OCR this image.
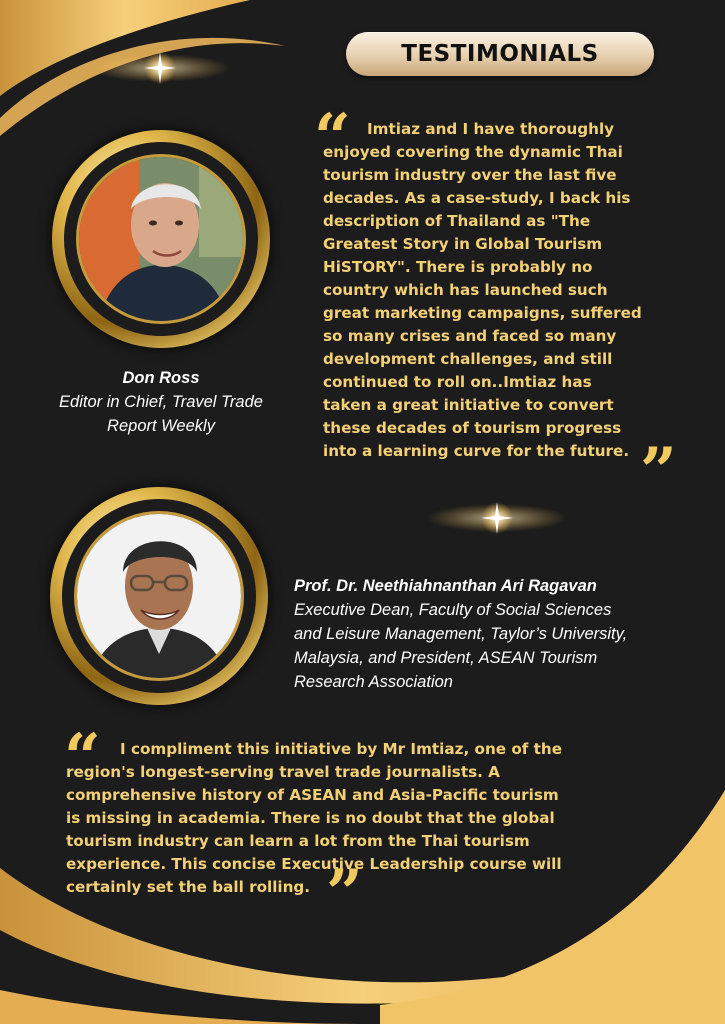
TESTIMONIALS
Don Ross
Editor in Chief, Travel Trade
Report Weekly
“	Imtiaz and I have thoroughly
enjoyed covering the dynamic Thai
tourism industry over the last five
decades. As a case-study, I back his
description of Thailand as "The
Greatest Story in Global Tourism
HiSTORY". There is probably no
country which has launched such
great marketing campaigns, suffered
so many crises and faced so many
development challenges, and still
continued to roll on..Imtiaz has
taken a great initiative to convert
these decades of tourism progress
into a learning curve for the future. ”
Prof. Dr. Neethiahnanthan Ari Ragavan
Executive Dean, Faculty of Social Sciences
and Leisure Management, Taylor’s University,
Malaysia, and President, ASEAN Tourism
Research Association
“	I compliment this initiative by Mr Imtiaz, one of the
region's longest-serving travel trade journalists. A
comprehensive history of ASEAN and Asia-Pacific tourism
is missing in academia. There is no doubt that the global
tourism industry can learn a lot from the Thai tourism
experience. This concise Executive Leadership course will
certainly set the ball rolling. ”
